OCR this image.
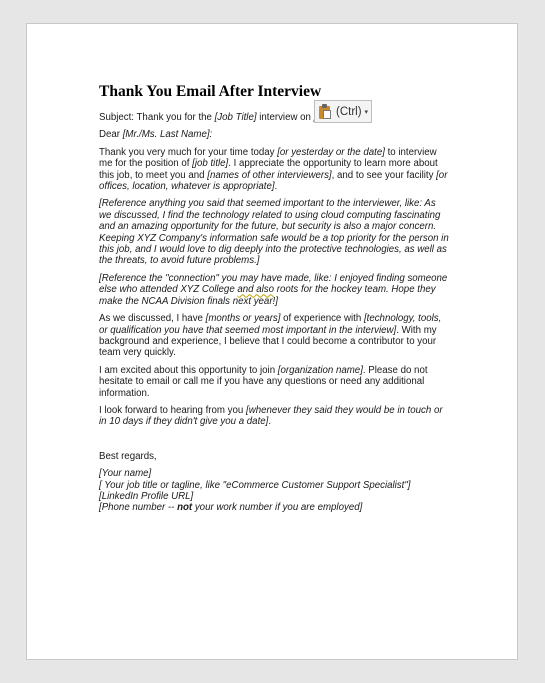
Thank You Email After Interview

Subject: Thank you for the [Job Title] interview on

Dear [Mr./Ms. Last Name]:

Thank you very much for your time today [or yesterday or the date] to interview me for the position of [job title]. I appreciate the opportunity to learn more about this job, to meet you and [names of other interviewers], and to see your facility [or offices, location, whatever is appropriate].

[Reference anything you said that seemed important to the interviewer, like: As we discussed, I find the technology related to using cloud computing fascinating and an amazing opportunity for the future, but security is also a major concern. Keeping XYZ Company's information safe would be a top priority for the person in this job, and I would love to dig deeply into the protective technologies, as well as the threats, to avoid future problems.]

[Reference the "connection" you may have made, like: I enjoyed finding someone else who attended XYZ College and also roots for the hockey team. Hope they make the NCAA Division finals next year!]

As we discussed, I have [months or years] of experience with [technology, tools, or qualification you have that seemed most important in the interview]. With my background and experience, I believe that I could become a contributor to your team very quickly.

I am excited about this opportunity to join [organization name]. Please do not hesitate to email or call me if you have any questions or need any additional information.

I look forward to hearing from you [whenever they said they would be in touch or in 10 days if they didn't give you a date].

Best regards,

[Your name]

[ Your job title or tagline, like "eCommerce Customer Support Specialist"]

[LinkedIn Profile URL]

[Phone number -- not your work number if you are employed]

(Ctrl) ▾
